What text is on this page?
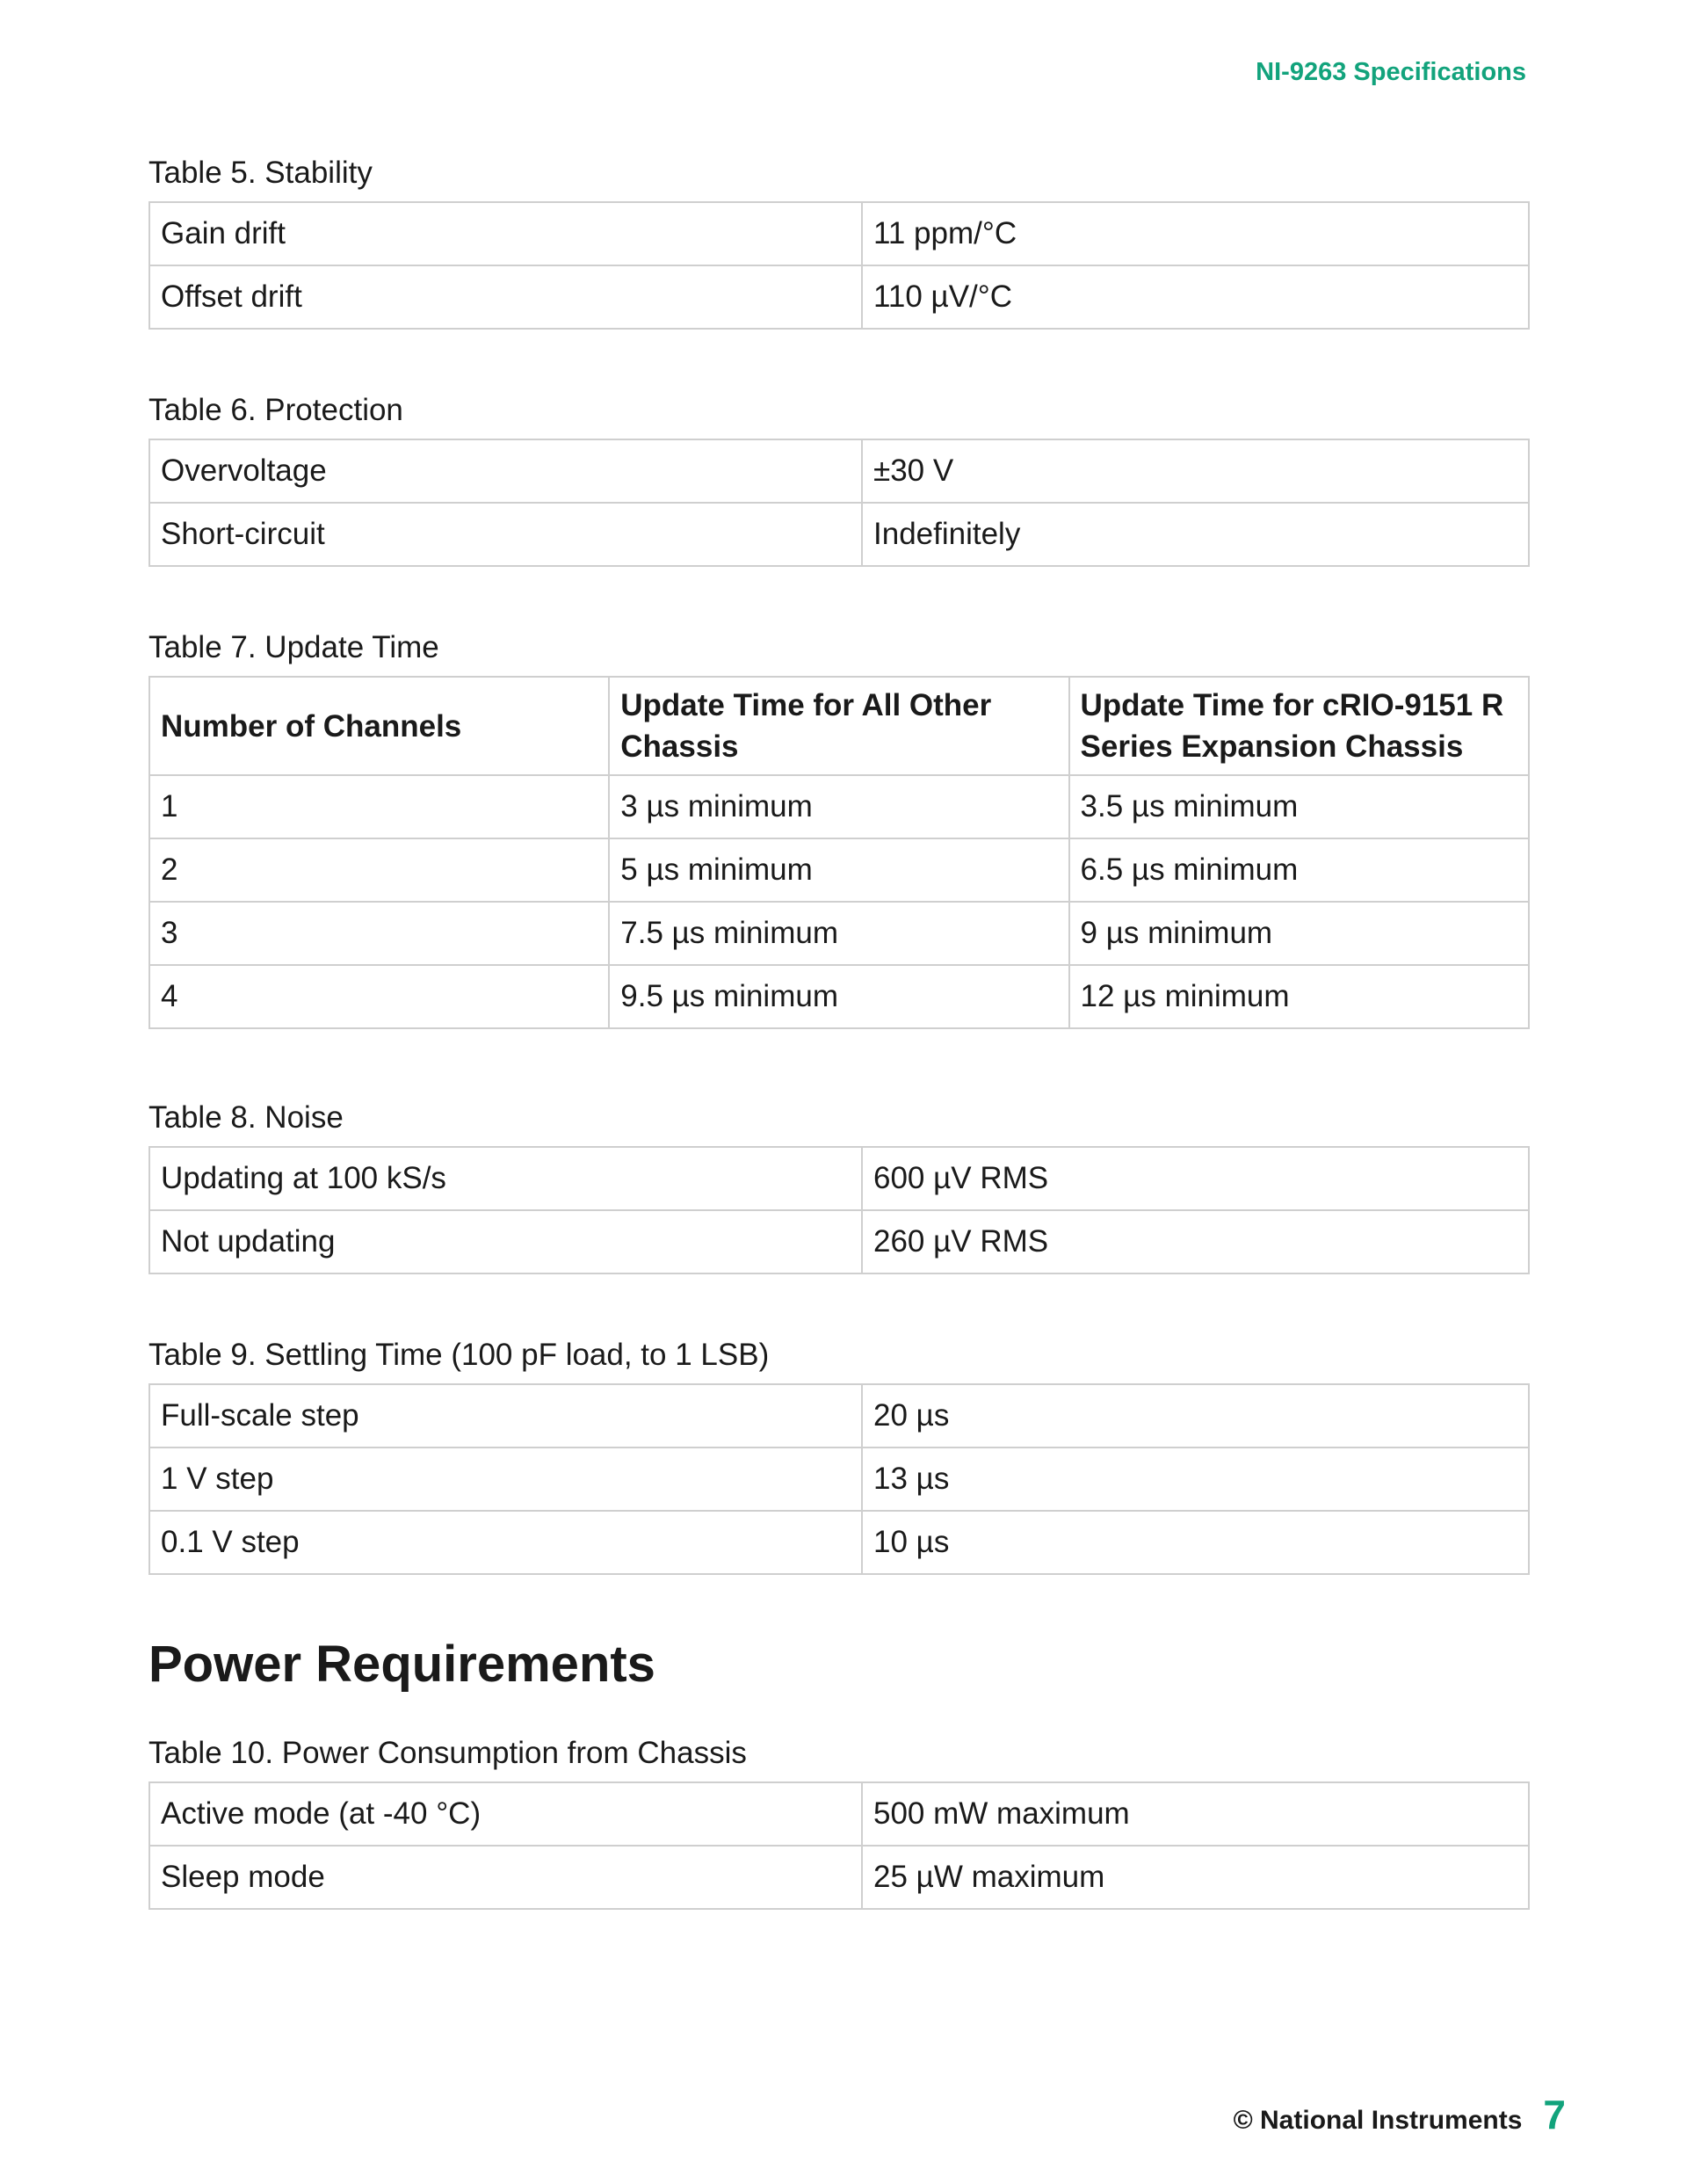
NI-9263 Specifications
Table 5. Stability
Gain drift	11 ppm/°C
Offset drift	110 µV/°C
Table 6. Protection
Overvoltage	±30 V
Short-circuit	Indefinitely
Table 7. Update Time
Number of Channels	Update Time for All Other Chassis	Update Time for cRIO-9151 R Series Expansion Chassis
1	3 µs minimum	3.5 µs minimum
2	5 µs minimum	6.5 µs minimum
3	7.5 µs minimum	9 µs minimum
4	9.5 µs minimum	12 µs minimum
Table 8. Noise
Updating at 100 kS/s	600 µV RMS
Not updating	260 µV RMS
Table 9. Settling Time (100 pF load, to 1 LSB)
Full-scale step	20 µs
1 V step	13 µs
0.1 V step	10 µs
Power Requirements
Table 10. Power Consumption from Chassis
Active mode (at -40 °C)	500 mW maximum
Sleep mode	25 µW maximum
© National Instruments 7
